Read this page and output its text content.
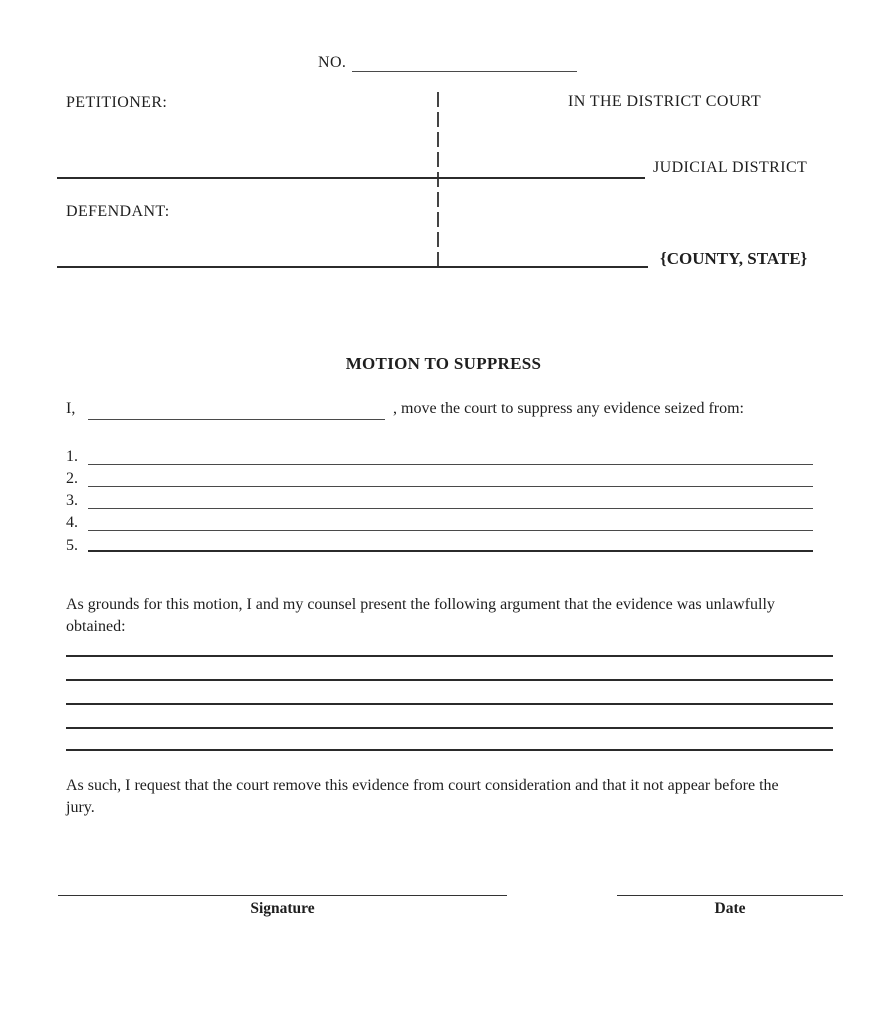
NO.
PETITIONER:	IN THE DISTRICT COURT
JUDICIAL DISTRICT
DEFENDANT:
{COUNTY, STATE}
MOTION TO SUPPRESS
I,	, move the court to suppress any evidence seized from:
1.
2.
3.
4.
5.
As grounds for this motion, I and my counsel present the following argument that the evidence was unlawfully obtained:
As such, I request that the court remove this evidence from court consideration and that it not appear before the jury.
Signature	Date
